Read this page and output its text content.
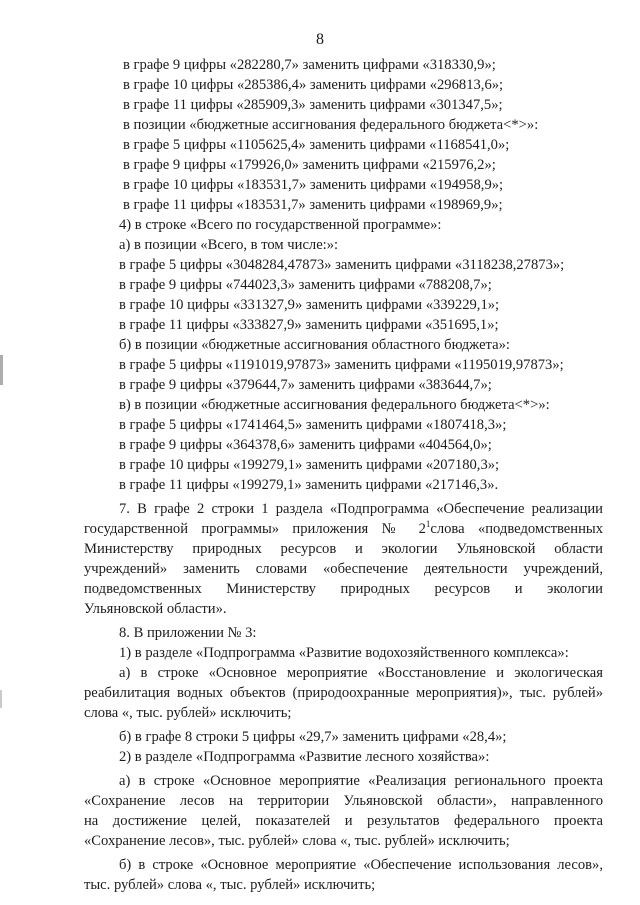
8
в графе 9 цифры «282280,7» заменить цифрами «318330,9»;
в графе 10 цифры «285386,4» заменить цифрами «296813,6»;
в графе 11 цифры «285909,3» заменить цифрами «301347,5»;
в позиции «бюджетные ассигнования федерального бюджета<*>»:
в графе 5 цифры «1105625,4» заменить цифрами «1168541,0»;
в графе 9 цифры «179926,0» заменить цифрами «215976,2»;
в графе 10 цифры «183531,7» заменить цифрами «194958,9»;
в графе 11 цифры «183531,7» заменить цифрами «198969,9»;
4) в строке «Всего по государственной программе»:
а) в позиции «Всего, в том числе:»:
в графе 5 цифры «3048284,47873» заменить цифрами «3118238,27873»;
в графе 9 цифры «744023,3» заменить цифрами «788208,7»;
в графе 10 цифры «331327,9» заменить цифрами «339229,1»;
в графе 11 цифры «333827,9» заменить цифрами «351695,1»;
б) в позиции «бюджетные ассигнования областного бюджета»:
в графе 5 цифры «1191019,97873» заменить цифрами «1195019,97873»;
в графе 9 цифры «379644,7» заменить цифрами «383644,7»;
в) в позиции «бюджетные ассигнования федерального бюджета<*>»:
в графе 5 цифры «1741464,5» заменить цифрами «1807418,3»;
в графе 9 цифры «364378,6» заменить цифрами «404564,0»;
в графе 10 цифры «199279,1» заменить цифрами «207180,3»;
в графе 11 цифры «199279,1» заменить цифрами «217146,3».
7. В графе 2 строки 1 раздела «Подпрограмма «Обеспечение реализации
государственной программы» приложения № $2^1слова$ «подведомственных
Министерству природных ресурсов и экологии Ульяновской области
учреждений» заменить словами «обеспечение деятельности учреждений,
подведомственных Министерству природных ресурсов и экологии
Ульяновской области».
8. В приложении № 3:
1) в разделе «Подпрограмма «Развитие водохозяйственного комплекса»:
а) в строке «Основное мероприятие «Восстановление и экологическая
реабилитация водных объектов (природоохранные мероприятия)», тыс. рублей»
слова «, тыс. рублей» исключить;
б) в графе 8 строки 5 цифры «29,7» заменить цифрами «28,4»;
2) в разделе «Подпрограмма «Развитие лесного хозяйства»:
а) в строке «Основное мероприятие «Реализация регионального проекта
«Сохранение лесов на территории Ульяновской области», направленного
на достижение целей, показателей и результатов федерального проекта
«Сохранение лесов», тыс. рублей» слова «, тыс. рублей» исключить;
б) в строке «Основное мероприятие «Обеспечение использования лесов»,
тыс. рублей» слова «, тыс. рублей» исключить;
